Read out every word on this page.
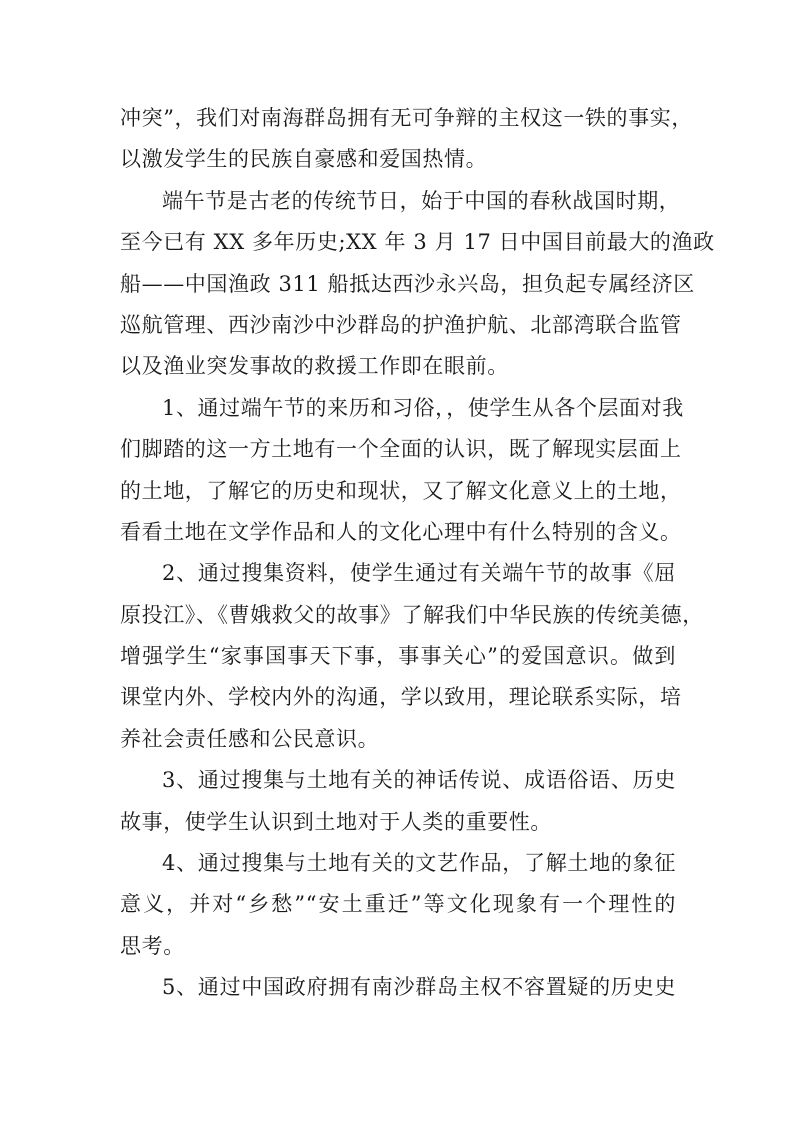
冲突”，我们对南海群岛拥有无可争辩的主权这一铁的事实，
以激发学生的民族自豪感和爱国热情。

端午节是古老的传统节日，始于中国的春秋战国时期，
至今已有 XX 多年历史;XX 年 3 月 17 日中国目前最大的渔政
船——中国渔政 311 船抵达西沙永兴岛，担负起专属经济区
巡航管理、西沙南沙中沙群岛的护渔护航、北部湾联合监管
以及渔业突发事故的救援工作即在眼前。

1、通过端午节的来历和习俗，，使学生从各个层面对我
们脚踏的这一方土地有一个全面的认识，既了解现实层面上
的土地，了解它的历史和现状，又了解文化意义上的土地，
看看土地在文学作品和人的文化心理中有什么特别的含义。

2、通过搜集资料，使学生通过有关端午节的故事《屈
原投江》、《曹娥救父的故事》了解我们中华民族的传统美德，
增强学生“家事国事天下事，事事关心”的爱国意识。做到
课堂内外、学校内外的沟通，学以致用，理论联系实际，培
养社会责任感和公民意识。

3、通过搜集与土地有关的神话传说、成语俗语、历史
故事，使学生认识到土地对于人类的重要性。

4、通过搜集与土地有关的文艺作品，了解土地的象征
意义，并对“乡愁”“安土重迁”等文化现象有一个理性的
思考。

5、通过中国政府拥有南沙群岛主权不容置疑的历史史
